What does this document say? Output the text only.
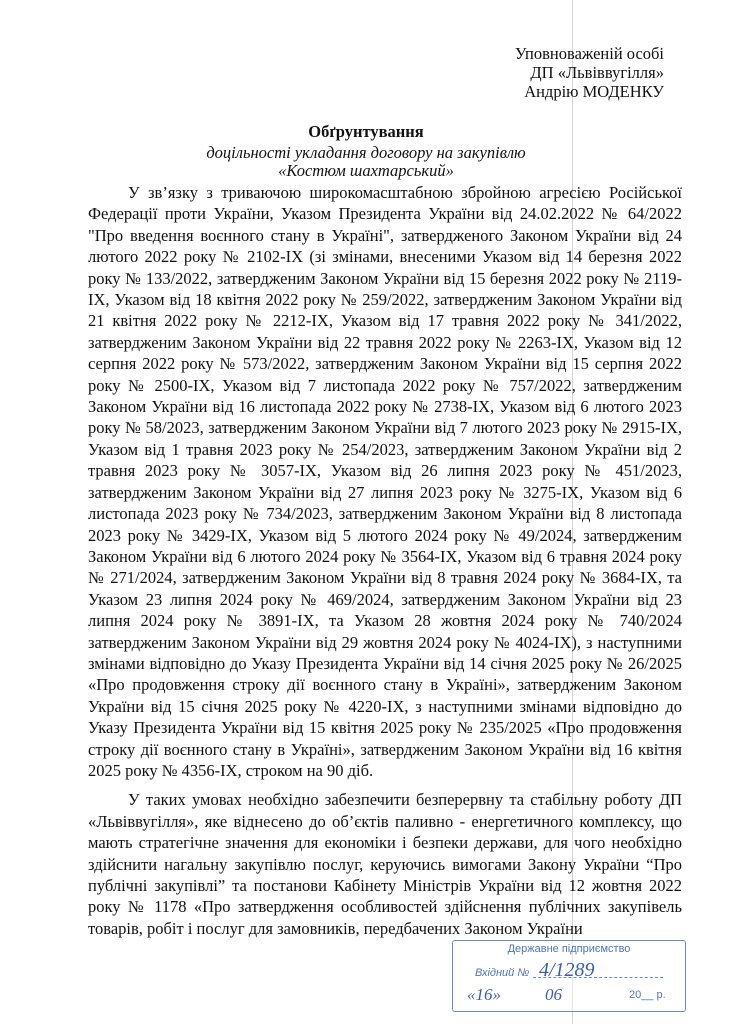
Уповноваженій особі
ДП «Львіввугілля»
Андрію МОДЕНКУ
Обґрунтування
доцільності укладання договору на закупівлю
«Костюм шахтарський»

У зв’язку з триваючою широкомасштабною збройною агресією Російської Федерації проти України, Указом Президента України від 24.02.2022 № 64/2022 "Про введення воєнного стану в Україні", затвердженого Законом України від 24 лютого 2022 року № 2102-IX (зі змінами, внесеними Указом від 14 березня 2022 року № 133/2022, затвердженим Законом України від 15 березня 2022 року № 2119-IX, Указом від 18 квітня 2022 року № 259/2022, затвердженим Законом України від 21 квітня 2022 року № 2212-IX, Указом від 17 травня 2022 року № 341/2022, затвердженим Законом України від 22 травня 2022 року № 2263-IX, Указом від 12 серпня 2022 року № 573/2022, затвердженим Законом України від 15 серпня 2022 року № 2500-IX, Указом від 7 листопада 2022 року № 757/2022, затвердженим Законом України від 16 листопада 2022 року № 2738-IX, Указом від 6 лютого 2023 року № 58/2023, затвердженим Законом України від 7 лютого 2023 року № 2915-IX, Указом від 1 травня 2023 року № 254/2023, затвердженим Законом України від 2 травня 2023 року № 3057-IX, Указом від 26 липня 2023 року № 451/2023, затвердженим Законом України від 27 липня 2023 року № 3275-IX, Указом від 6 листопада 2023 року № 734/2023, затвердженим Законом України від 8 листопада 2023 року № 3429-IX, Указом від 5 лютого 2024 року № 49/2024, затвердженим Законом України від 6 лютого 2024 року № 3564-IX, Указом від 6 травня 2024 року № 271/2024, затвердженим Законом України від 8 травня 2024 року № 3684-IX, та Указом 23 липня 2024 року № 469/2024, затвердженим Законом України від 23 липня 2024 року № 3891-IX, та Указом 28 жовтня 2024 року № 740/2024 затвердженим Законом України від 29 жовтня 2024 року № 4024-IX), з наступними змінами відповідно до Указу Президента України від 14 січня 2025 року № 26/2025 «Про продовження строку дії воєнного стану в Україні», затвердженим Законом України від 15 січня 2025 року № 4220-IX, з наступними змінами відповідно до Указу Президента України від 15 квітня 2025 року № 235/2025 «Про продовження строку дії воєнного стану в Україні», затвердженим Законом України від 16 квітня 2025 року № 4356-IX, строком на 90 діб.

У таких умовах необхідно забезпечити безперервну та стабільну роботу ДП «Львіввугілля», яке віднесено до об’єктів паливно - енергетичного комплексу, що мають стратегічне значення для економіки і безпеки держави, для чого необхідно здійснити нагальну закупівлю послуг, керуючись вимогами Закону України “Про публічні закупівлі” та постанови Кабінету Міністрів України від 12 жовтня 2022 року № 1178 «Про затвердження особливостей здійснення публічних закупівель товарів, робіт і послуг для замовників, передбачених Законом України

Державне підприємство
Вхідний № 4/1289
«16»	06	20__ р.
